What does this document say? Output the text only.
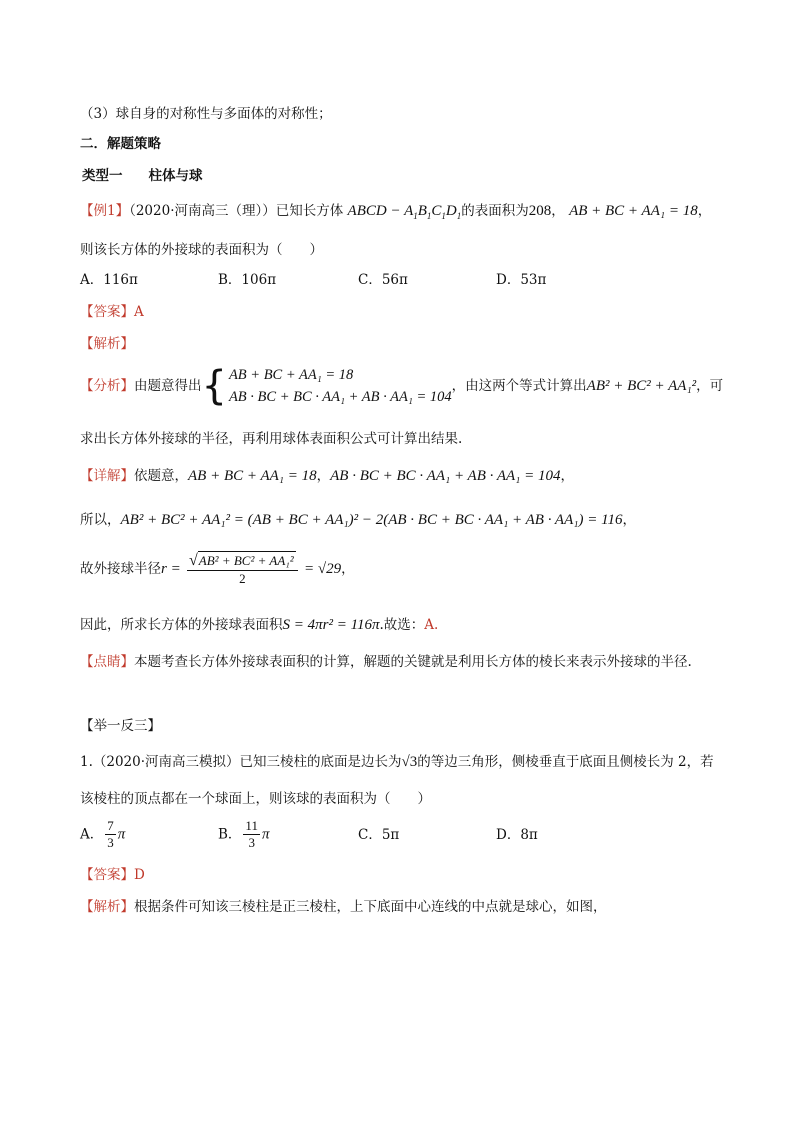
（3）球自身的对称性与多面体的对称性；
二．解题策略
类型一 柱体与球
【例1】（2020·河南高三（理））已知长方体 ABCD − $A_1B_1C_1D_1$的表面积为208， AB + BC + AA₁ = 18，
则该长方体的外接球的表面积为（　　）
A．116π	B．106π	C．56π	D．53π
【答案】A
【解析】
【分析】由题意得出{ AB + BC + AA₁ = 18
AB · BC + BC · AA₁ + AB · AA₁ = 104，由这两个等式计算出AB² + BC² + AA₁²，可
求出长方体外接球的半径，再利用球体表面积公式可计算出结果.
【详解】依题意，AB + BC + AA₁ = 18，AB · BC + BC · AA₁ + AB · AA₁ = 104，
所以，AB² + BC² + AA₁² = (AB + BC + AA₁)² − 2(AB · BC + BC · AA₁ + AB · AA₁) = 116，
故外接球半径$r = \frac{\text{√AB² + BC² + AA₁²}}{2} = √29$，
因此，所求长方体的外接球表面积S = 4πr² = 116π.故选：A.
【点睛】本题考查长方体外接球表面积的计算，解题的关键就是利用长方体的棱长来表示外接球的半径.
【举一反三】
1.（2020·河南高三模拟）已知三棱柱的底面是边长为√3的等边三角形，侧棱垂直于底面且侧棱长为 2，若
该棱柱的顶点都在一个球面上，则该球的表面积为（　　）
A． $\frac{7}{3}$ π	B． $\frac{11}{3}$ π	C．5π	D．8π
【答案】D
【解析】根据条件可知该三棱柱是正三棱柱，上下底面中心连线的中点就是球心，如图，
